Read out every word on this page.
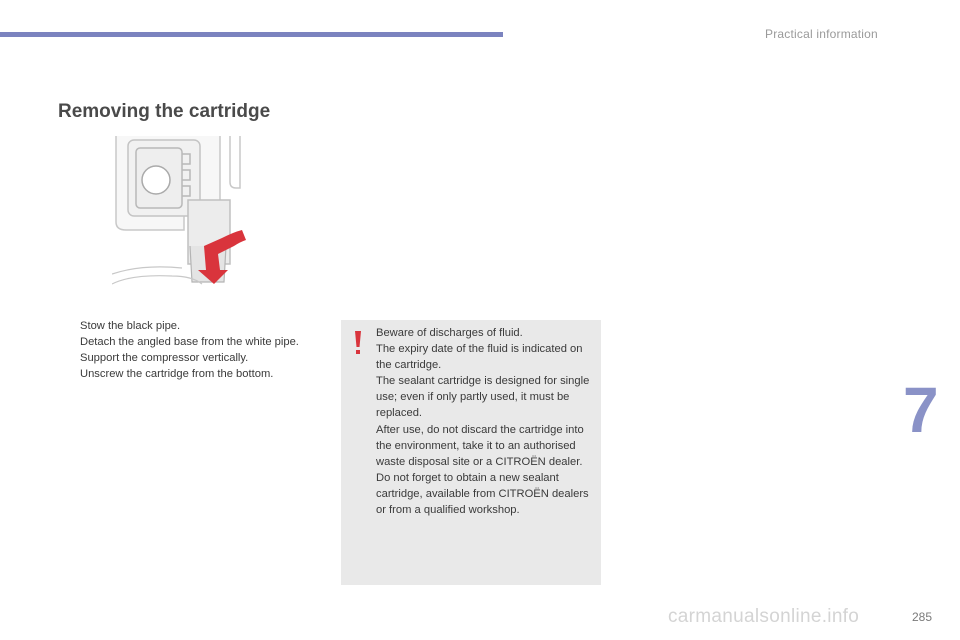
Practical information
Removing the cartridge
Stow the black pipe.
Detach the angled base from the white pipe.
Support the compressor vertically.
Unscrew the cartridge from the bottom.

Beware of discharges of fluid.

The expiry date of the fluid is indicated on the cartridge.

The sealant cartridge is designed for single use; even if only partly used, it must be replaced.

After use, do not discard the cartridge into the environment, take it to an authorised waste disposal site or a CITROËN dealer.

Do not forget to obtain a new sealant cartridge, available from CITROËN dealers or from a qualified workshop.

7
285
carmanualsonline.info
